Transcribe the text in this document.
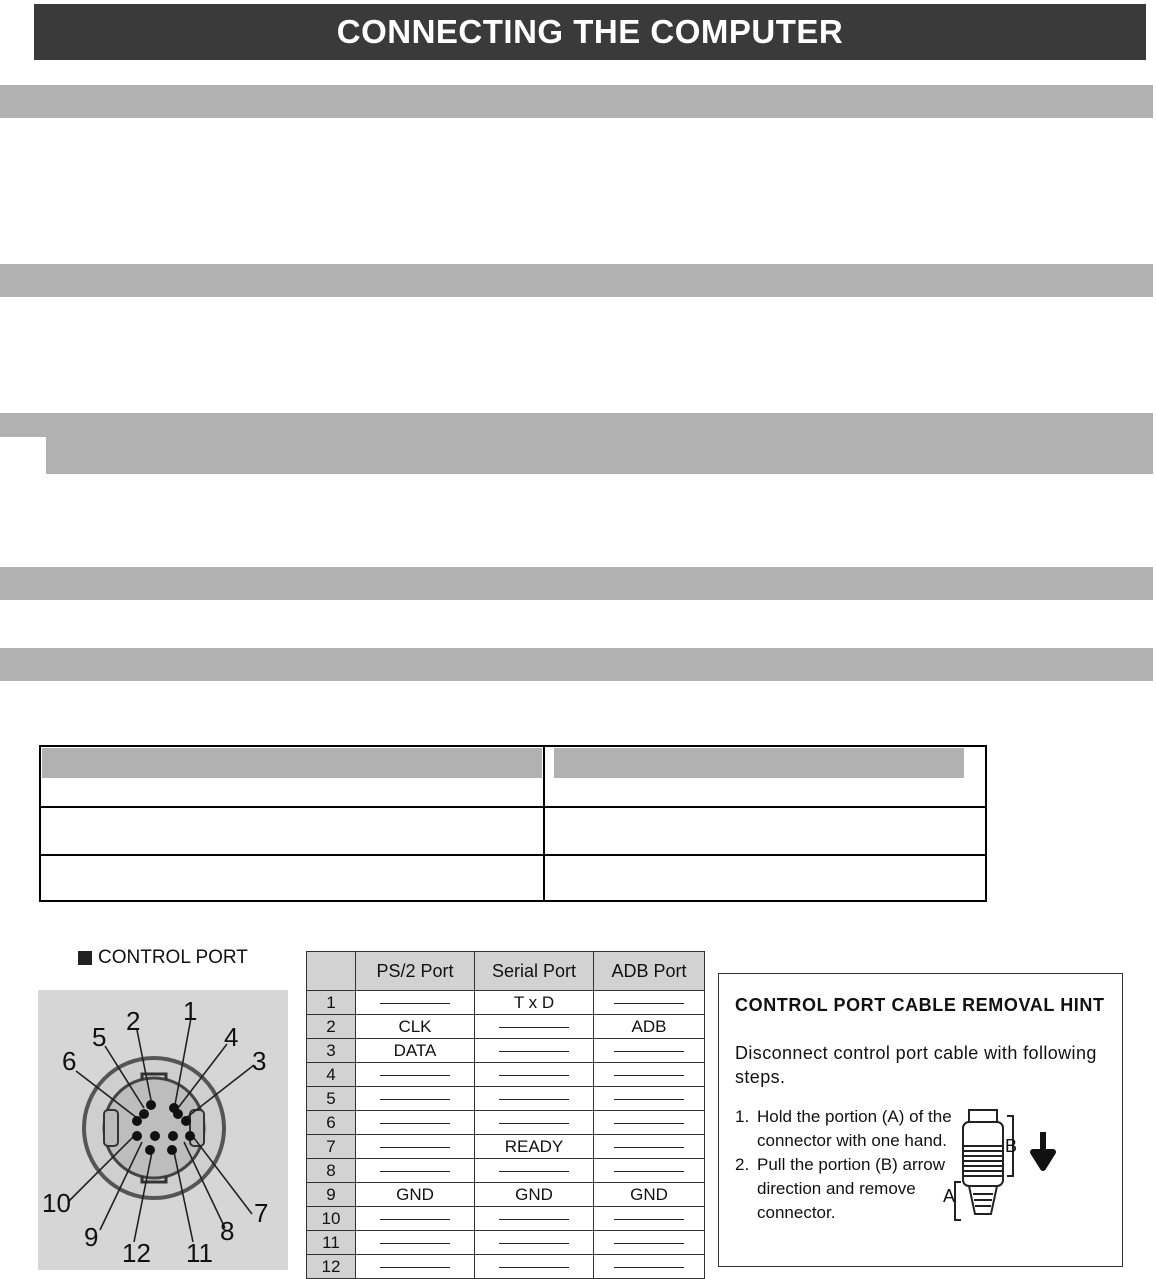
CONNECTING THE COMPUTER
CONTROL PORT
1
2
3
4
5
6
7
8
9
10
11
12
	PS/2 Port	Serial Port	ADB Port
1		T x D	
2	CLK		ADB
3	DATA		
4			
5			
6			
7		READY	
8			
9	GND	GND	GND
10			
11			
12			
CONTROL PORT CABLE REMOVAL HINT
Disconnect control port cable with following steps.
1. Hold the portion (A) of the connector with one hand.
2. Pull the portion (B) arrow direction and remove connector.
B
A
